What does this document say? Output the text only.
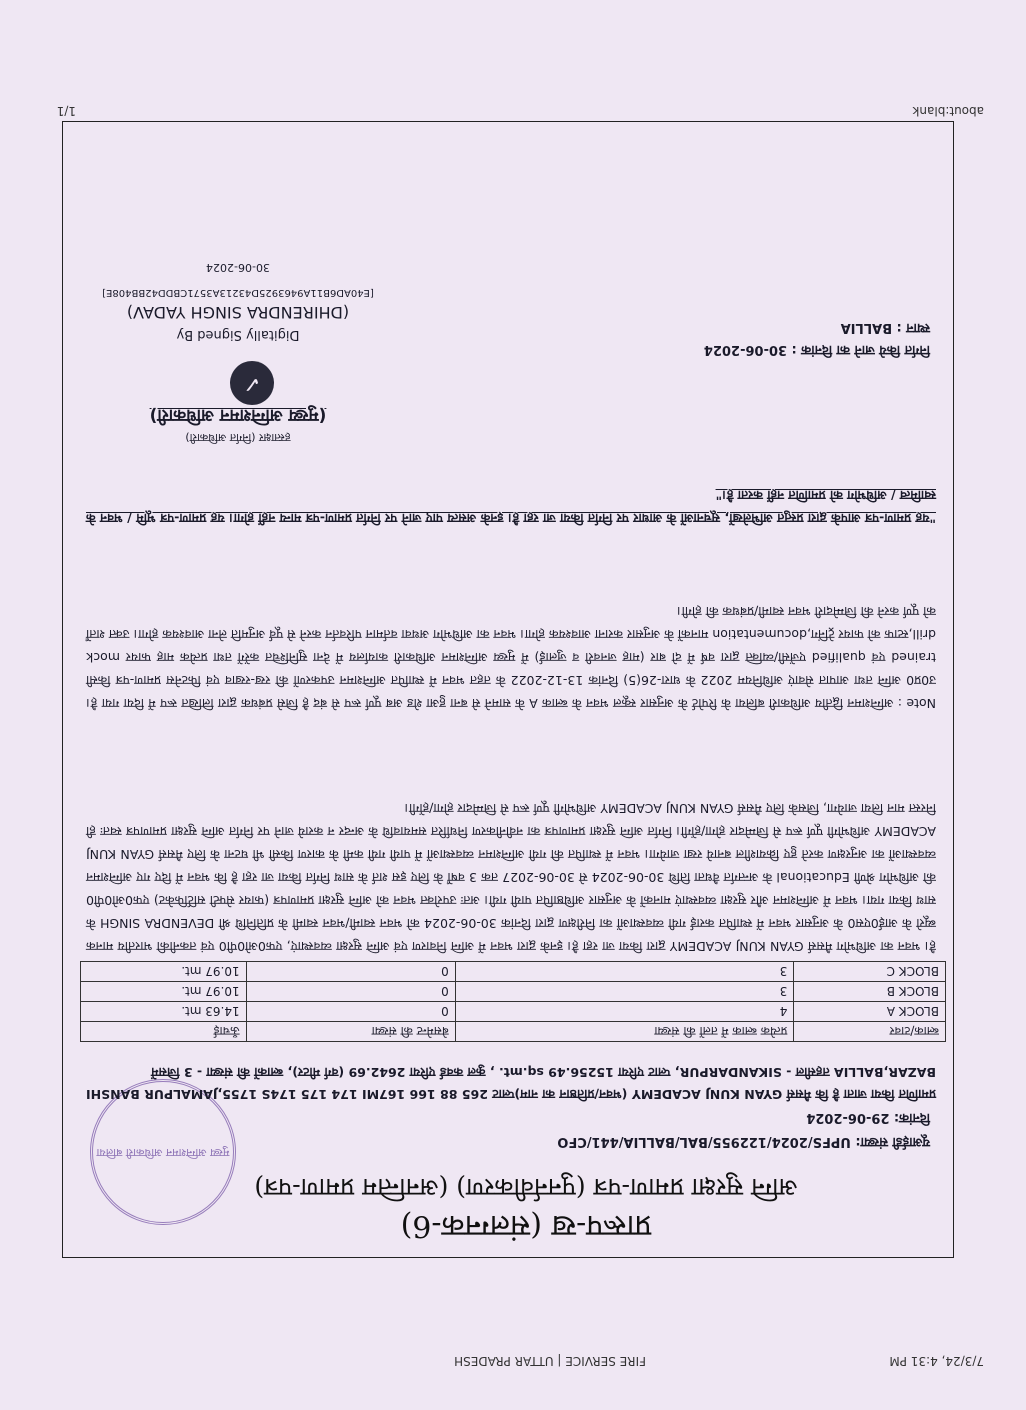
7/3/24, 4:31 PM
FIRE SERVICE | UTTAR PRADESH
मुख्य अग्निशमन अधिकारी बलिया
प्रारूप-ख (संलग्नक-6)
अग्नि सुरक्षा प्रमाण-पत्र (पुनर्नवीकरण) (अनन्तिम प्रमाण-पत्र)
यूआईडी संख्या: UPFS/2024/122955/BAL/BALLIA/441/CFO
दिनांक: 29-06-2024
प्रमाणित किया जाता है कि मैसर्स GYAN KUNJ ACADEMY (भवन/प्रतिष्ठान का नाम)प्लाट 265 88 166 167MI 174 175 174S 1755,JAMALPUR BANSHI BAZAR,BALLIA तहसील - SIKANDARPUR, प्लाट एरिया 15256.49 sq.mt. , कुल कवर्ड एरिया 2642.69 (वर्ग मीटर), ब्लाकों की संख्या - 3 जिसमें
ब्लाक/टावर	प्रत्येक ब्लाक में तलों की संख्या	बेसमेन्ट की संख्या	ऊँचाई
BLOCK A	4	0	14.63 mt.
BLOCK B	3	0	10.97 mt.
BLOCK C	3	0	10.97 mt.
है। भवन का अधिभोग मैसर्स GYAN KUNJ ACADEMY द्वारा किया जा रहा है। इनके द्वारा भवन में अग्नि निवारण एवं अग्नि सुरक्षा व्यवस्थाएं, एफ0ओ0पी0 एवं तकनीकी भारतीय मानक ब्यूरो के आई0एस0 के अनुसार भवन में स्थापित कराई गयी व्यवस्थाओं का निरीक्षण द्वारा दिनांक 30-06-2024 को भवन स्वामी/भवन स्वामी के प्रतिनिधि श्री DEVENDRA SINGH के साथ किया गया। भवन में अग्निशमन और सुरक्षा व्यवस्थाएं मानकों के अनुसार अधिष्ठापित पायी गयी। अतः उपरोक्त भवन को अग्नि सुरक्षा प्रमाणपत्र (फायर सेफ्टी सर्टिफिकेट) एफ0ओ0पी0 की अधिभोग श्रेणी Educational के अन्तर्गत वैधता तिथि 30-06-2024 से 30-06-2027 तक 3 वर्षों के लिए इस शर्त के साथ निर्गत किया जा रहा है कि भवन में दिए गए अग्निशमन व्यवस्थाओं का अनुरक्षण करते हुए क्रियाशील बनाये रखा जायेगा। भवन में स्थापित की गयी अग्निशमन व्यवस्थाओं में पायी गयी कमी के कारण किसी भी घटना के लिए मैसर्स GYAN KUNJ ACADEMY अधिभोगी पूर्ण रूप से जिम्मेदार होगा/होंगी। निर्गत अग्नि सुरक्षा प्रमाणपत्र का नवीनीकरण निर्धारित समयावधि के अन्दर न कराये जाने पर निर्गत अग्नि सुरक्षा प्रमाणपत्र स्वतः ही निरस्त मान लिया जायेगा, जिसके लिए मैसर्स GYAN KUNJ ACADEMY अधिभोगी पूर्ण रूप से जिम्मेदार होगा/होंगी।
Note : अग्निशमन द्वितीय अधिकारी बलिया के रिपोर्ट के अनुसार स्कूल भवन के ब्लाक A के सामने से बना हुआ शेड अब पूर्ण रूप से बंद है जिसे प्रबंधक द्वारा लिखित रूप में दिया गया है। उ0प्र0 अग्नि तथा आपात सेवाएं अधिनियम 2022 के धारा-26(5) दिनांक 13-12-2022 के तहत भवन में स्थापित अग्निशमन उपकरणों की रख-रखाव एवं फिटनेस प्रमाण-पत्र किसी trained एवं qualified एजेंसी/व्यक्ति द्वारा वर्ष में दो बार (माह जनवरी व जुलाई) में मुख्य अग्निशमन अधिकारी कार्यालय में देना सुनिश्चित करेंगें तथा प्रत्येक माह फायर mock drill,स्टाफ को फायर ट्रेनिंग,documentation मानकों के अनुसार कराना आवश्यक होगा। भवन का अधिभोग अथवा वर्तमान परिवर्तन करने से पूर्व अनुमति लेना आवश्यक होगा। उक्त शर्तों को पूर्ण करने की जिम्मेदारी भवन स्वामी/प्रबंधक की होगी।
"यह प्रमाण-पत्र आपके द्वारा प्रस्तुत अभिलेखों, सूचनाओं के आधार पर निर्गत किया जा रहा है। इनके असत्य पाए जाने पर निर्गत प्रमाण-पत्र मान्य नहीं होगा। यह प्रमाण-पत्र भूमि / भवन के स्वामित्व / अधिभोग को प्रमाणित नहीं करता है।"
हस्ताक्षर (निर्गत अधिकारी)
(मुख्य अग्निशमन अधिकारी)
✓
Digitally Signed By
(DHIRENDRA SINGH YADAV)
[E40AD6B11A9463925D43213A3571CBDD42BB408E]
30-06-2024
निर्गत किये जाने का दिनांक : 30-06-2024
स्थान : BALLIA
about:blank
1/1
